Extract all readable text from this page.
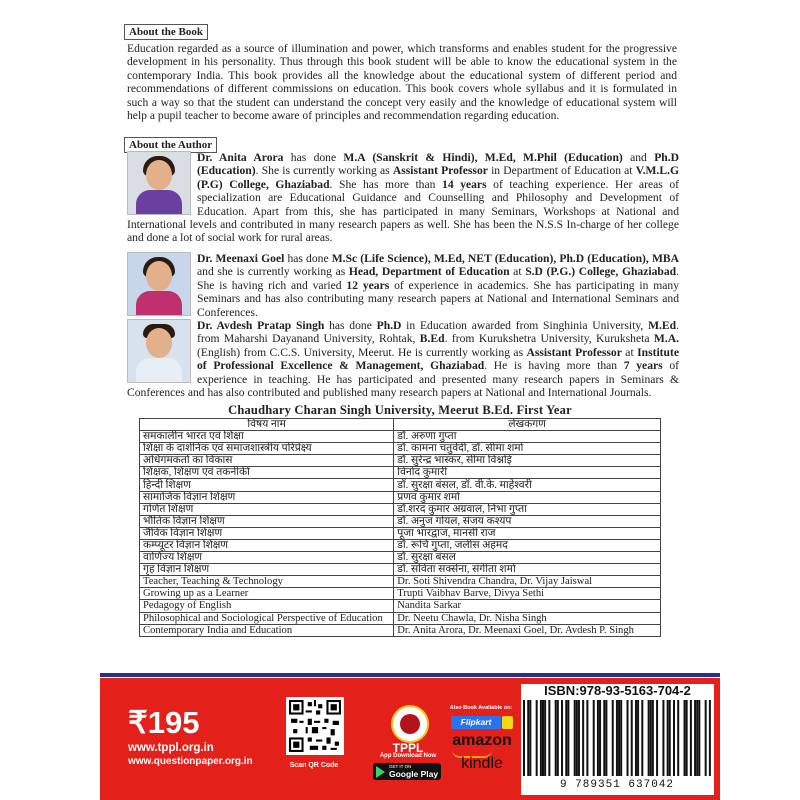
About the Book
Education regarded as a source of illumination and power, which transforms and enables student for the progressive development in his personality. Thus through this book student will be able to know the educational system in the contemporary India. This book provides all the knowledge about the educational system of different period and recommendations of different commissions on education. This book covers whole syllabus and it is formulated in such a way so that the student can understand the concept very easily and the knowledge of educational system will help a pupil teacher to become aware of principles and recommendation regarding education.
About the Author

Dr. Anita Arora has done M.A (Sanskrit & Hindi), M.Ed, M.Phil (Education) and Ph.D (Education). She is currently working as Assistant Professor in Department of Education at V.M.L.G (P.G) College, Ghaziabad. She has more than 14 years of teaching experience. Her areas of specialization are Educational Guidance and Counselling and Philosophy and Development of Education. Apart from this, she has participated in many Seminars, Workshops at National and International levels and contributed in many research papers as well. She has been the N.S.S In-charge of her college and done a lot of social work for rural areas.

Dr. Meenaxi Goel has done M.Sc (Life Science), M.Ed, NET (Education), Ph.D (Education), MBA and she is currently working as Head, Department of Education at S.D (P.G.) College, Ghaziabad. She is having rich and varied 12 years of experience in academics. She has participating in many Seminars and has also contributing many research papers at National and International Seminars and Conferences.

Dr. Avdesh Pratap Singh has done Ph.D in Education awarded from Singhinia University, M.Ed. from Maharshi Dayanand University, Rohtak, B.Ed. from Kurukshetra University, Kuruksheta M.A. (English) from C.C.S. University, Meerut. He is currently working as Assistant Professor at Institute of Professional Excellence & Management, Ghaziabad. He is having more than 7 years of experience in teaching. He has participated and presented many research papers in Seminars & Conferences and has also contributed and published many research papers at National and International Journals.

Chaudhary Charan Singh University, Meerut B.Ed. First Year
विषय नाम	लेखकगण
समकालीन भारत एवं शिक्षा	डॉ. अरुणा गुप्ता
शिक्षा के दार्शनिक एवं समाजशास्त्रीय परिप्रेक्ष्य	डॉ. कामना चतुर्वेदी, डॉ. सीमा शर्मा
अधिगमकर्ता का विकास	डॉ. सुरेन्द्र भास्कर, सीमा विश्नोई
शिक्षक, शिक्षण एवं तकनीकी	विनोद कुमारी
हिन्दी शिक्षण	डॉ. सुरक्षा बंसल, डॉ. वी.के. माहेश्वरी
सामाजिक विज्ञान शिक्षण	प्रणव कुमार शर्मा
गणित शिक्षण	डॉ.शरद कुमार अग्रवाल, निभा गुप्ता
भौतिक विज्ञान शिक्षण	डॉ. अनुज गोयल, संजय कश्यप
जैविक विज्ञान शिक्षण	पूजा भारद्वाज, मानसी राज
कम्प्यूटर विज्ञान शिक्षण	डॉ. रूचि गुप्ता, जलीस अहमद
वाणिज्य शिक्षण	डॉ. सुरक्षा बंसल
गृह विज्ञान शिक्षण	डॉ. सविता सक्सेना, संगीता शर्मा
Teacher, Teaching & Technology	Dr. Soti Shivendra Chandra, Dr. Vijay Jaiswal
Growing up as a Learner	Trupti Vaibhav Barve, Divya Sethi
Pedagogy of English	Nandita Sarkar
Philosophical and Sociological Perspective of Education	Dr. Neetu Chawla, Dr. Nisha Singh
Contemporary India and Education	Dr. Anita Arora, Dr. Meenaxi Goel, Dr. Avdesh P. Singh
₹195
www.tppl.org.in
www.questionpaper.org.in	Scan QR Code
TPPL
App Download Now
GET IT ON
Google Play
Also Book Available on:
Flipkart
amazon
kindle
ISBN:978-93-5163-704-2
9 789351 637042
